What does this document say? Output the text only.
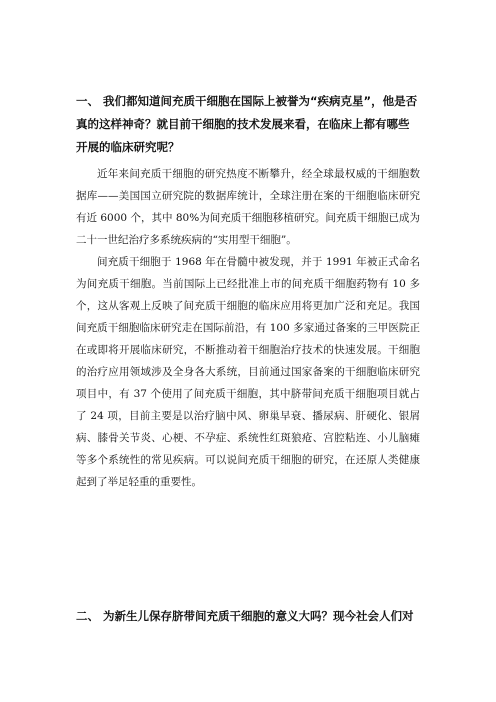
一、 我们都知道间充质干细胞在国际上被誉为“疾病克星”，他是否真的这样神奇？就目前干细胞的技术发展来看，在临床上都有哪些开展的临床研究呢？

近年来间充质干细胞的研究热度不断攀升，经全球最权威的干细胞数据库——美国国立研究院的数据库统计，全球注册在案的干细胞临床研究有近 6000 个，其中 80%为间充质干细胞移植研究。间充质干细胞已成为二十一世纪治疗多系统疾病的“实用型干细胞”。

间充质干细胞于 1968 年在骨髓中被发现，并于 1991 年被正式命名为间充质干细胞。当前国际上已经批准上市的间充质干细胞药物有 10 多个，这从客观上反映了间充质干细胞的临床应用将更加广泛和充足。我国间充质干细胞临床研究走在国际前沿，有 100 多家通过备案的三甲医院正在或即将开展临床研究，不断推动着干细胞治疗技术的快速发展。干细胞的治疗应用领域涉及全身各大系统，目前通过国家备案的干细胞临床研究项目中，有 37 个使用了间充质干细胞，其中脐带间充质干细胞项目就占了 24 项，目前主要是以治疗脑中风、卵巢早衰、播尿病、肝硬化、银屑病、膝骨关节炎、心梗、不孕症、系统性红斑狼疮、宫腔粘连、小儿脑瘫等多个系统性的常见疾病。可以说间充质干细胞的研究，在还原人类健康起到了举足轻重的重要性。

二、 为新生儿保存脐带间充质干细胞的意义大吗？现今社会人们对
